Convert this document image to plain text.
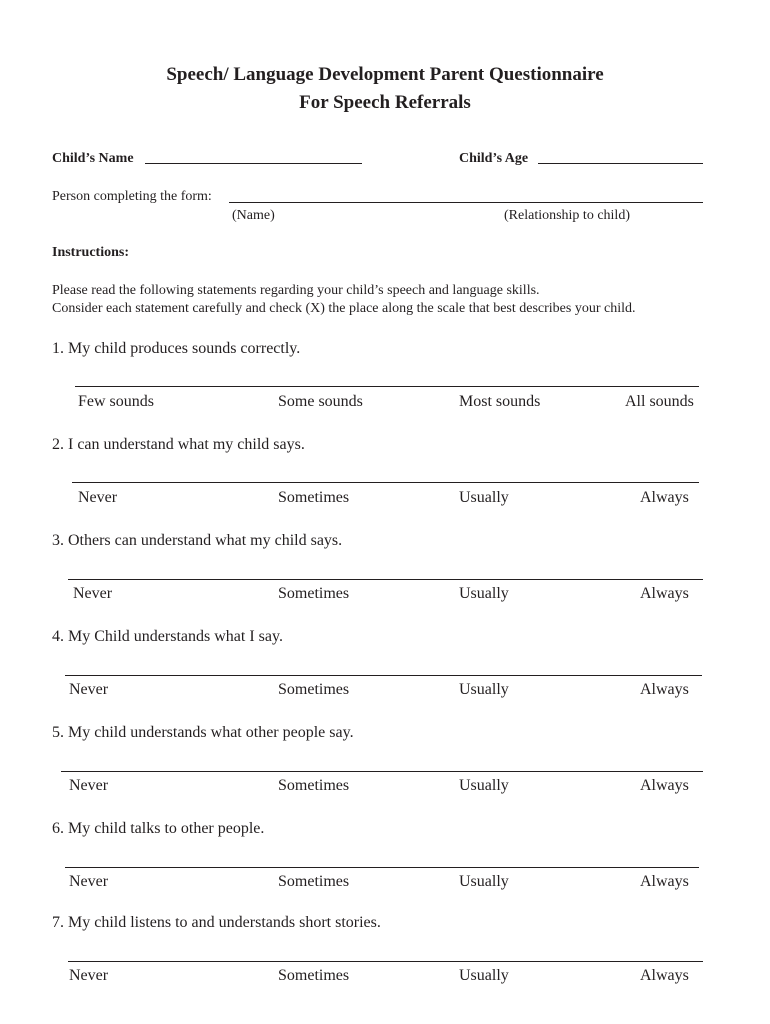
Speech/ Language Development Parent Questionnaire
For Speech Referrals
Child’s Name	Child’s Age
Person completing the form:
(Name)	(Relationship to child)
Instructions:
Please read the following statements regarding your child’s speech and language skills.
Consider each statement carefully and check (X) the place along the scale that best describes your child.
1. My child produces sounds correctly.
Few sounds	Some sounds	Most sounds	All sounds
2. I can understand what my child says.
Never	Sometimes	Usually	Always
3. Others can understand what my child says.
Never	Sometimes	Usually	Always
4. My Child understands what I say.
Never	Sometimes	Usually	Always
5. My child understands what other people say.
Never	Sometimes	Usually	Always
6. My child talks to other people.
Never	Sometimes	Usually	Always
7. My child listens to and understands short stories.
Never	Sometimes	Usually	Always
